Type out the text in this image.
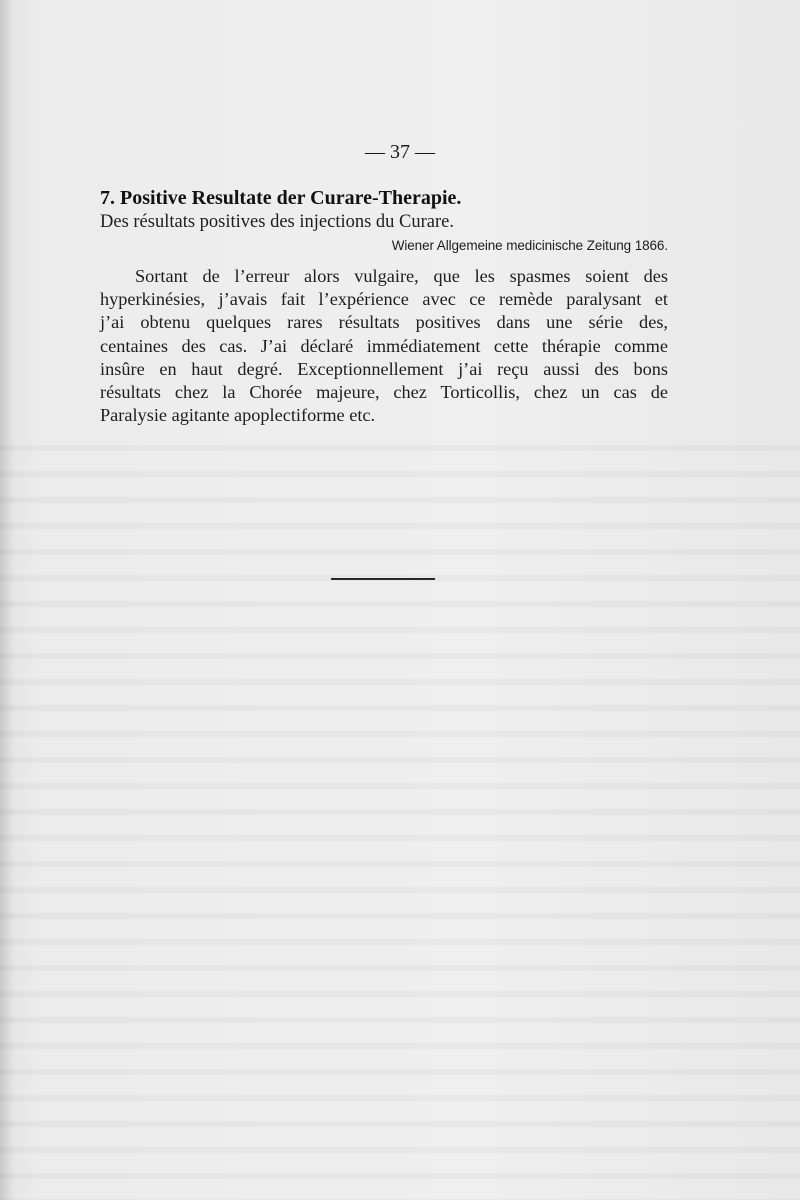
— 37 —
7. Positive Resultate der Curare-Therapie.

Des résultats positives des injections du Curare.

Wiener Allgemeine medicinische Zeitung 1866.

Sortant de l’erreur alors vulgaire, que les spasmes soient des
hyperkinésies, j’avais fait l’expérience avec ce remède paralysant et
j’ai obtenu quelques rares résultats positives dans une série des,
centaines des cas. J’ai déclaré immédiatement cette thérapie comme
insûre en haut degré. Exceptionnellement j’ai reçu aussi des bons
résultats chez la Chorée majeure, chez Torticollis, chez un cas de
Paralysie agitante apoplectiforme etc.
